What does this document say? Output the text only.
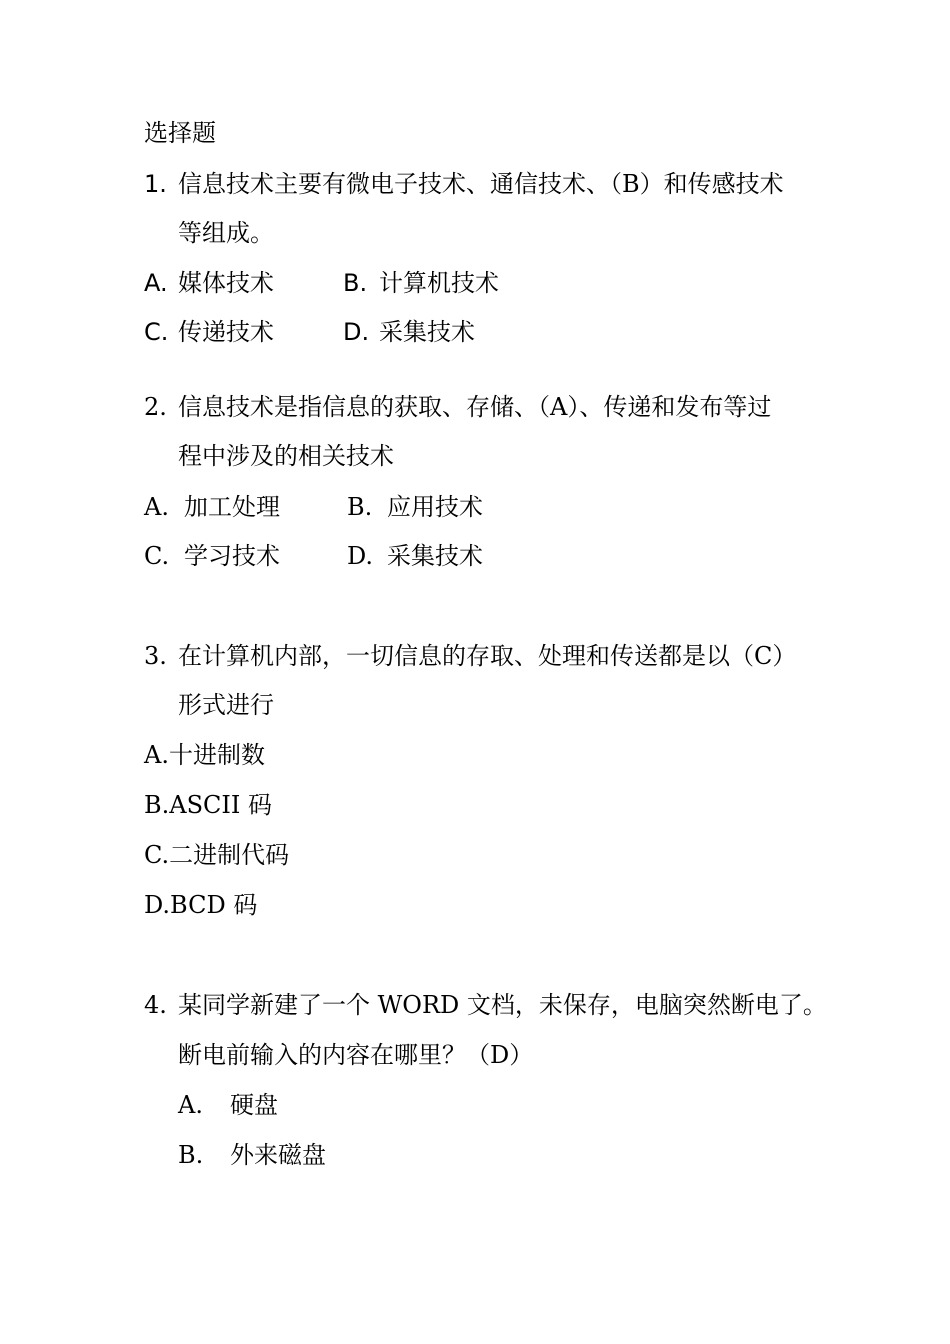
选择题
1. 信息技术主要有微电子技术、通信技术、（B）和传感技术
等组成。
A. 媒体技术	B. 计算机技术
C. 传递技术	D. 采集技术
2. 信息技术是指信息的获取、存储、（A）、传递和发布等过
程中涉及的相关技术
A. 加工处理	B. 应用技术
C. 学习技术	D. 采集技术
3. 在计算机内部，一切信息的存取、处理和传送都是以（C）
形式进行
A.十进制数
B.ASCII 码
C.二进制代码
D.BCD 码
4. 某同学新建了一个 WORD 文档，未保存，电脑突然断电了。
断电前输入的内容在哪里？（D）
A. 硬盘
B. 外来磁盘
